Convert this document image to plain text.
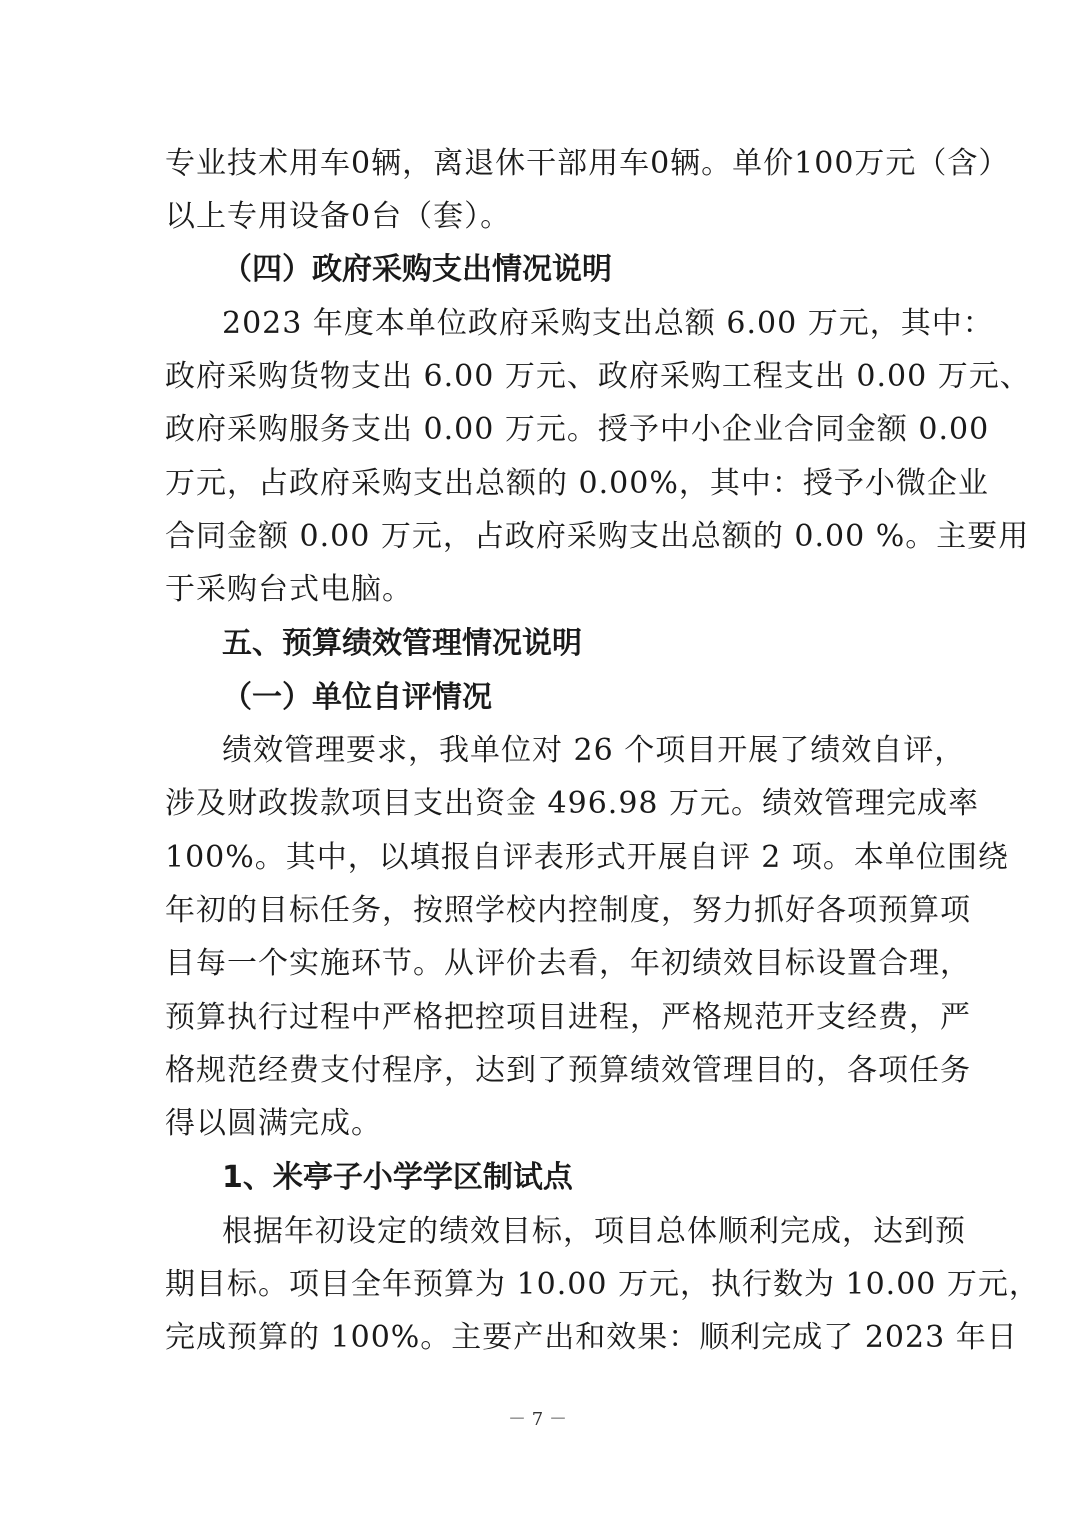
专业技术用车0辆，离退休干部用车0辆。单价100万元（含）
以上专用设备0台（套）。
（四）政府采购支出情况说明
2023 年度本单位政府采购支出总额 6.00 万元，其中：
政府采购货物支出 6.00 万元、政府采购工程支出 0.00 万元、
政府采购服务支出 0.00 万元。授予中小企业合同金额 0.00
万元，占政府采购支出总额的 0.00%，其中：授予小微企业
合同金额 0.00 万元，占政府采购支出总额的 0.00 %。主要用
于采购台式电脑。
五、预算绩效管理情况说明
（一）单位自评情况
绩效管理要求，我单位对 26 个项目开展了绩效自评，
涉及财政拨款项目支出资金 496.98 万元。绩效管理完成率
100%。其中，以填报自评表形式开展自评 2 项。本单位围绕
年初的目标任务，按照学校内控制度，努力抓好各项预算项
目每一个实施环节。从评价去看，年初绩效目标设置合理，
预算执行过程中严格把控项目进程，严格规范开支经费，严
格规范经费支付程序，达到了预算绩效管理目的，各项任务
得以圆满完成。
1、米亭子小学学区制试点
根据年初设定的绩效目标，项目总体顺利完成，达到预
期目标。项目全年预算为 10.00 万元，执行数为 10.00 万元，
完成预算的 100%。主要产出和效果：顺利完成了 2023 年日
－ 7 －
